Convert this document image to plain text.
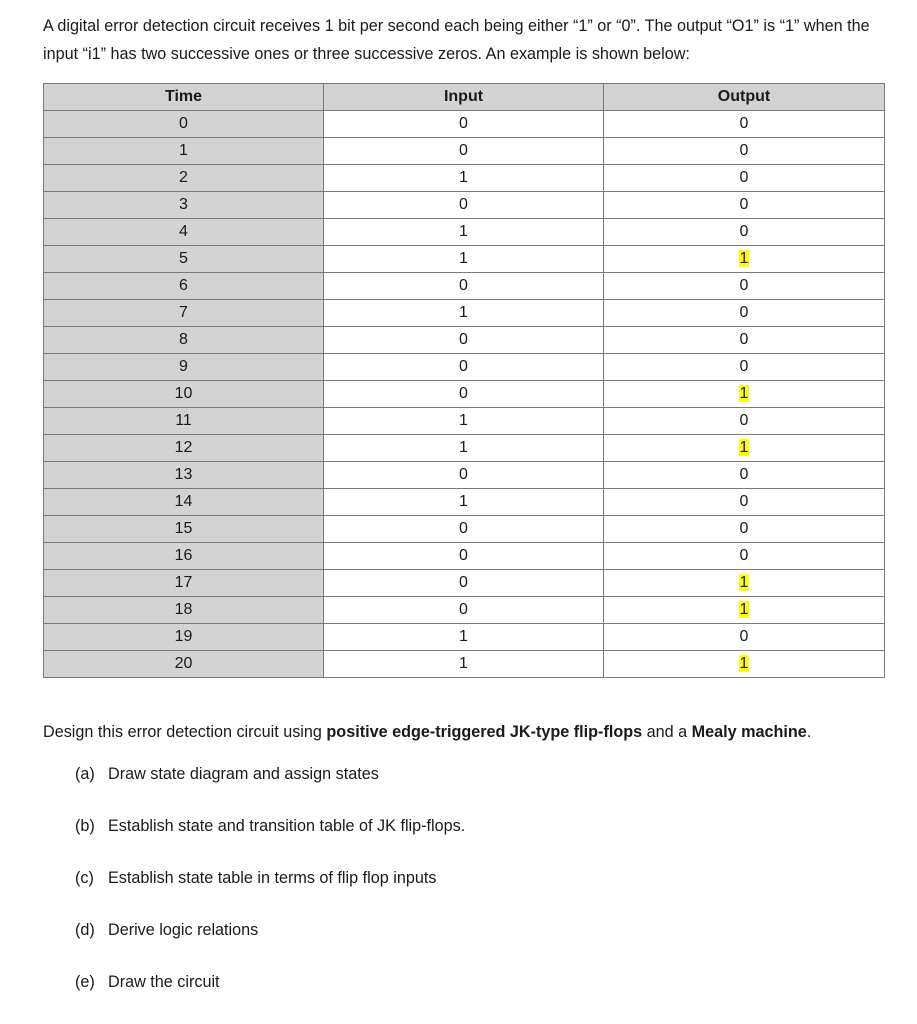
A digital error detection circuit receives 1 bit per second each being either “1” or “0”. The output “O1” is “1” when the input “i1” has two successive ones or three successive zeros. An example is shown below:

Time	Input	Output
0	0	0
1	0	0
2	1	0
3	0	0
4	1	0
5	1	1
6	0	0
7	1	0
8	0	0
9	0	0
10	0	1
11	1	0
12	1	1
13	0	0
14	1	0
15	0	0
16	0	0
17	0	1
18	0	1
19	1	0
20	1	1

Design this error detection circuit using positive edge-triggered JK-type flip-flops and a Mealy machine.

(a) Draw state diagram and assign states
(b) Establish state and transition table of JK flip-flops.
(c) Establish state table in terms of flip flop inputs
(d) Derive logic relations
(e) Draw the circuit
